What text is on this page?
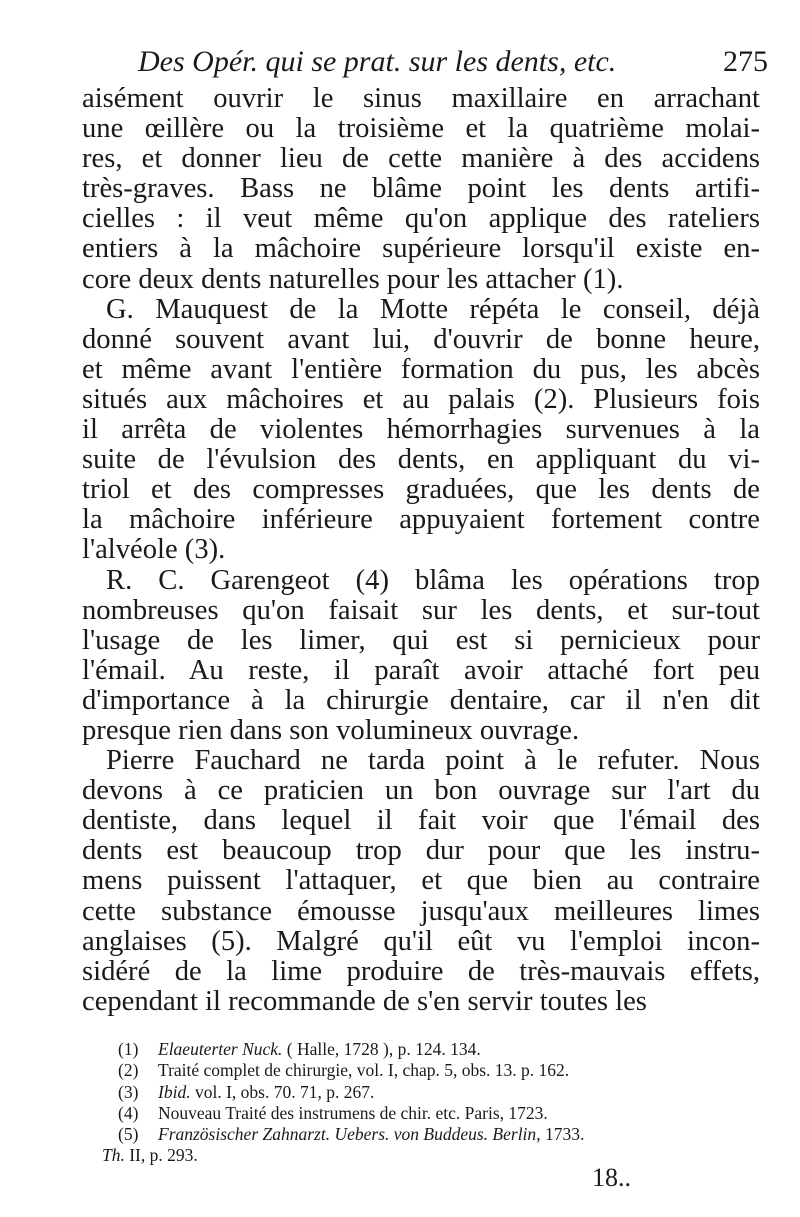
Des Opér. qui se prat. sur les dents, etc.	275
aisément ouvrir le sinus maxillaire en arrachant
une œillère ou la troisième et la quatrième molai-
res, et donner lieu de cette manière à des accidens
très-graves. Bass ne blâme point les dents artifi-
cielles : il veut même qu'on applique des rateliers
entiers à la mâchoire supérieure lorsqu'il existe en-
core deux dents naturelles pour les attacher (1).
G. Mauquest de la Motte répéta le conseil, déjà
donné souvent avant lui, d'ouvrir de bonne heure,
et même avant l'entière formation du pus, les abcès
situés aux mâchoires et au palais (2). Plusieurs fois
il arrêta de violentes hémorrhagies survenues à la
suite de l'évulsion des dents, en appliquant du vi-
triol et des compresses graduées, que les dents de
la mâchoire inférieure appuyaient fortement contre
l'alvéole (3).
R. C. Garengeot (4) blâma les opérations trop
nombreuses qu'on faisait sur les dents, et sur-tout
l'usage de les limer, qui est si pernicieux pour
l'émail. Au reste, il paraît avoir attaché fort peu
d'importance à la chirurgie dentaire, car il n'en dit
presque rien dans son volumineux ouvrage.
Pierre Fauchard ne tarda point à le refuter. Nous
devons à ce praticien un bon ouvrage sur l'art du
dentiste, dans lequel il fait voir que l'émail des
dents est beaucoup trop dur pour que les instru-
mens puissent l'attaquer, et que bien au contraire
cette substance émousse jusqu'aux meilleures limes
anglaises (5). Malgré qu'il eût vu l'emploi incon-
sidéré de la lime produire de très-mauvais effets,
cependant il recommande de s'en servir toutes les
(1) Elaeuterter Nuck. ( Halle, 1728 ), p. 124. 134.
(2) Traité complet de chirurgie, vol. I, chap. 5, obs. 13. p. 162.
(3) Ibid. vol. I, obs. 70. 71, p. 267.
(4) Nouveau Traité des instrumens de chir. etc. Paris, 1723.
(5) Französischer Zahnarzt. Uebers. von Buddeus. Berlin, 1733.
Th. II, p. 293.
18..
